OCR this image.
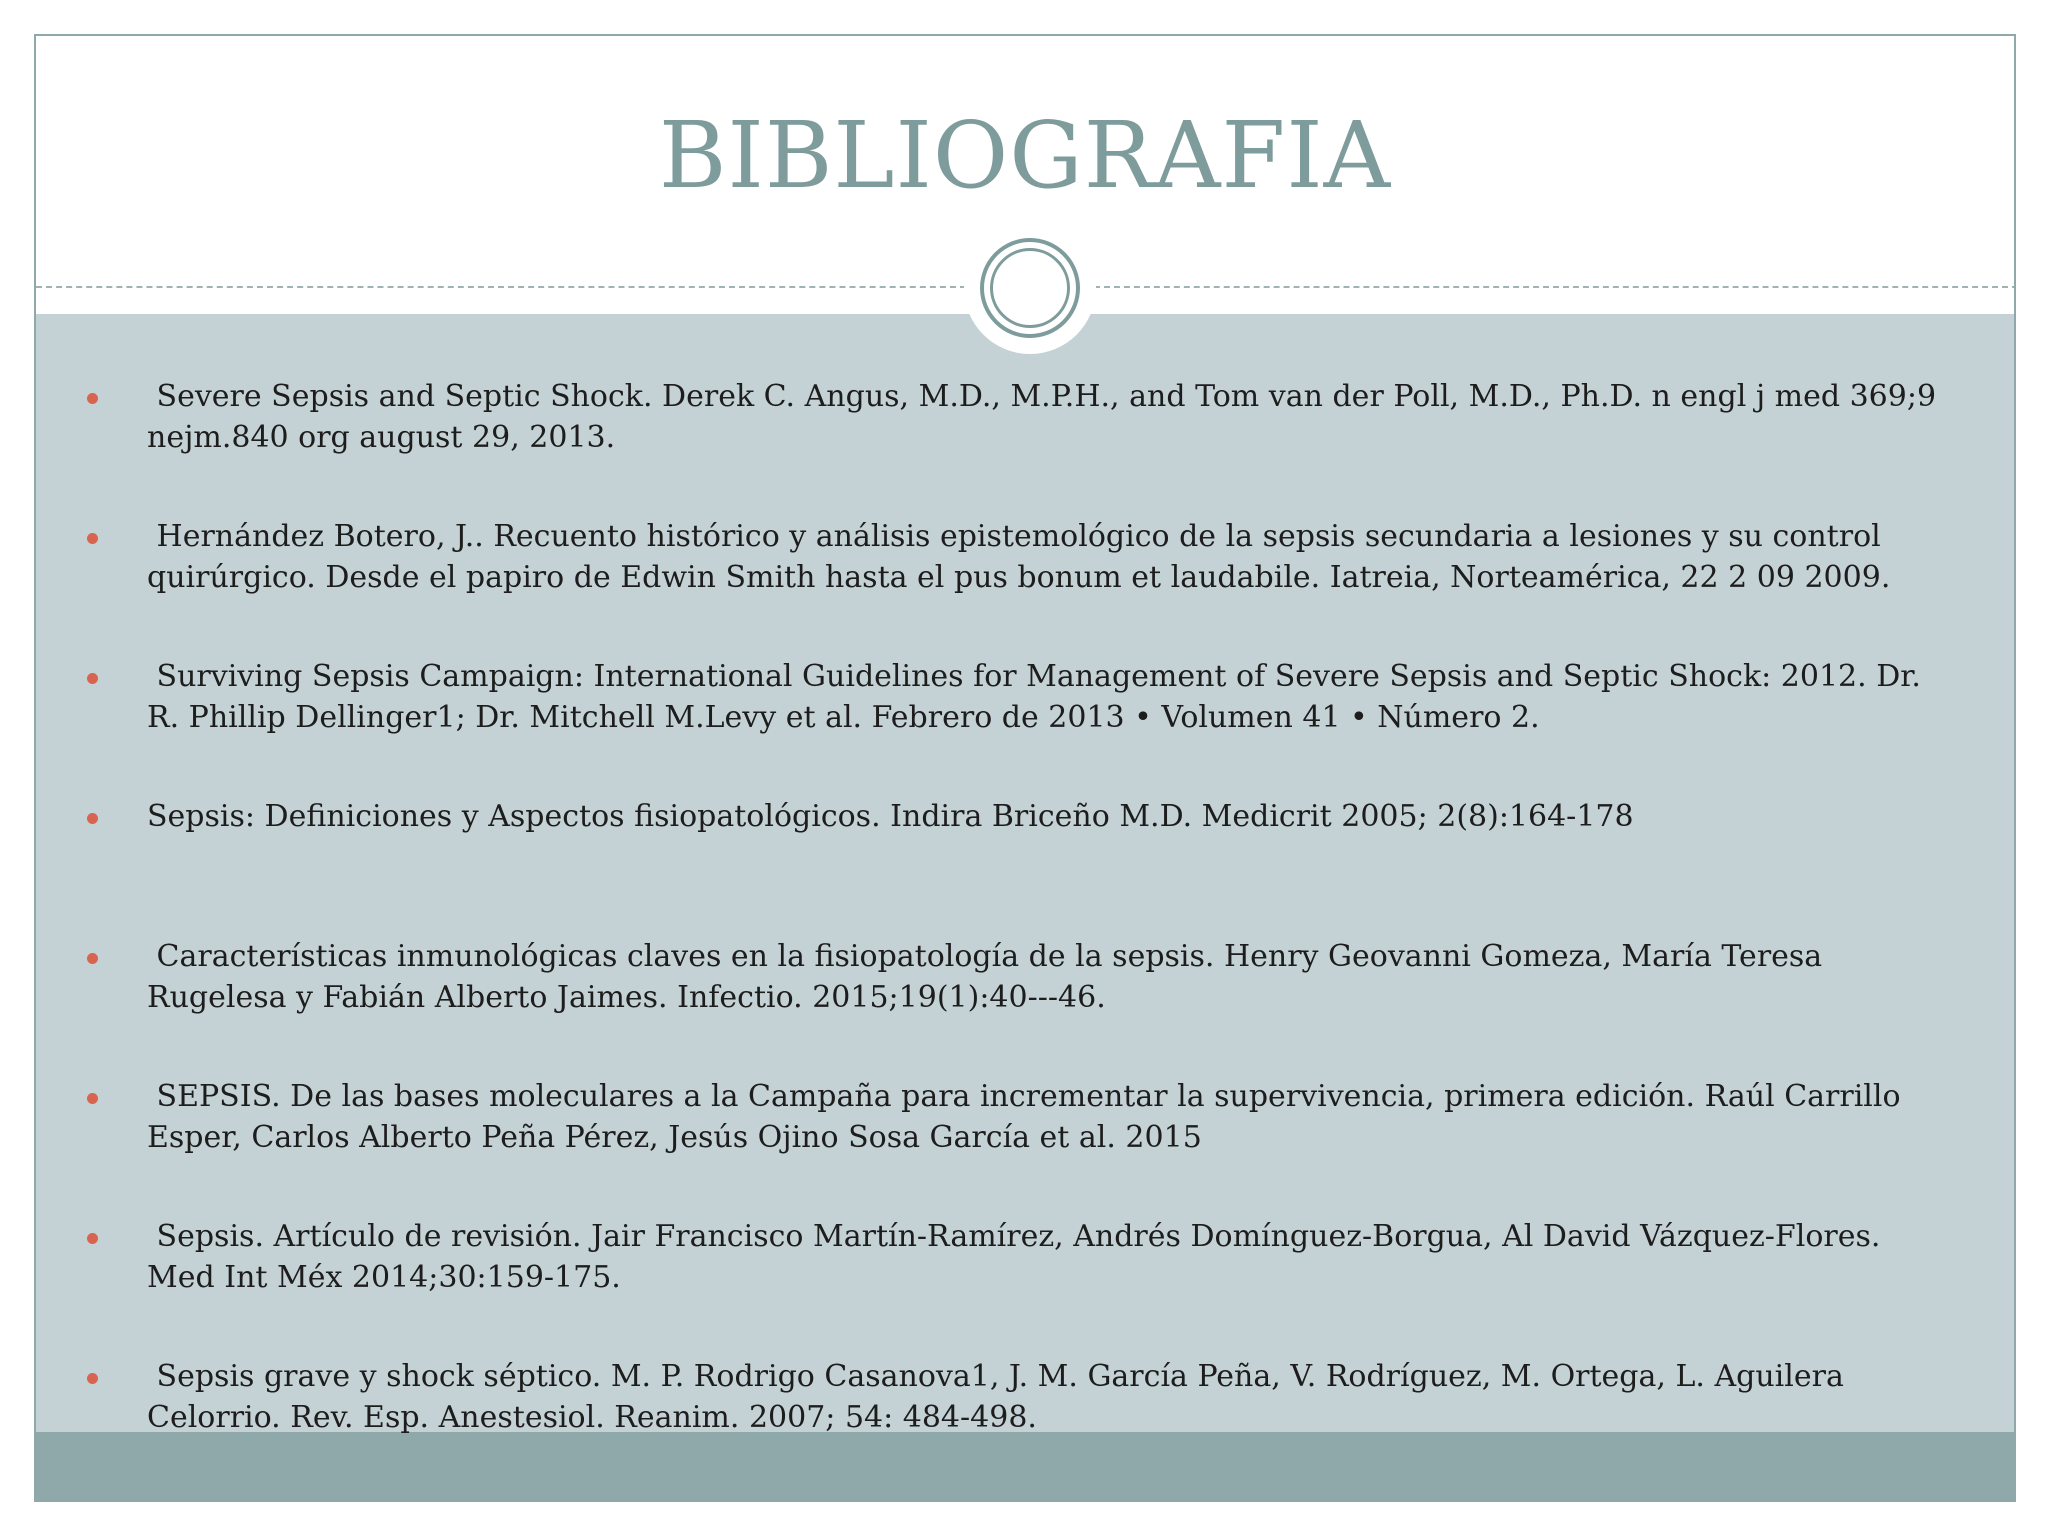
BIBLIOGRAFIA

Severe Sepsis and Septic Shock. Derek C. Angus, M.D., M.P.H., and Tom van der Poll, M.D., Ph.D. n engl j med 369;9 nejm.840 org august 29, 2013.

Hernández Botero, J.. Recuento histórico y análisis epistemológico de la sepsis secundaria a lesiones y su control quirúrgico. Desde el papiro de Edwin Smith hasta el pus bonum et laudabile. Iatreia, Norteamérica, 22 2 09 2009.

Surviving Sepsis Campaign: International Guidelines for Management of Severe Sepsis and Septic Shock: 2012. Dr. R. Phillip Dellinger1; Dr. Mitchell M.Levy et al. Febrero de 2013 • Volumen 41 • Número 2.

Sepsis: Definiciones y Aspectos fisiopatológicos. Indira Briceño M.D. Medicrit 2005; 2(8):164-178

Características inmunológicas claves en la fisiopatología de la sepsis. Henry Geovanni Gomeza, María Teresa Rugelesa y Fabián Alberto Jaimes. Infectio. 2015;19(1):40---46.

SEPSIS. De las bases moleculares a la Campaña para incrementar la supervivencia, primera edición. Raúl Carrillo Esper, Carlos Alberto Peña Pérez, Jesús Ojino Sosa García et al. 2015

Sepsis. Artículo de revisión. Jair Francisco Martín-Ramírez, Andrés Domínguez-Borgua, Al David Vázquez-Flores. Med Int Méx 2014;30:159-175.

Sepsis grave y shock séptico. M. P. Rodrigo Casanova1, J. M. García Peña, V. Rodríguez, M. Ortega, L. Aguilera Celorrio. Rev. Esp. Anestesiol. Reanim. 2007; 54: 484-498.
